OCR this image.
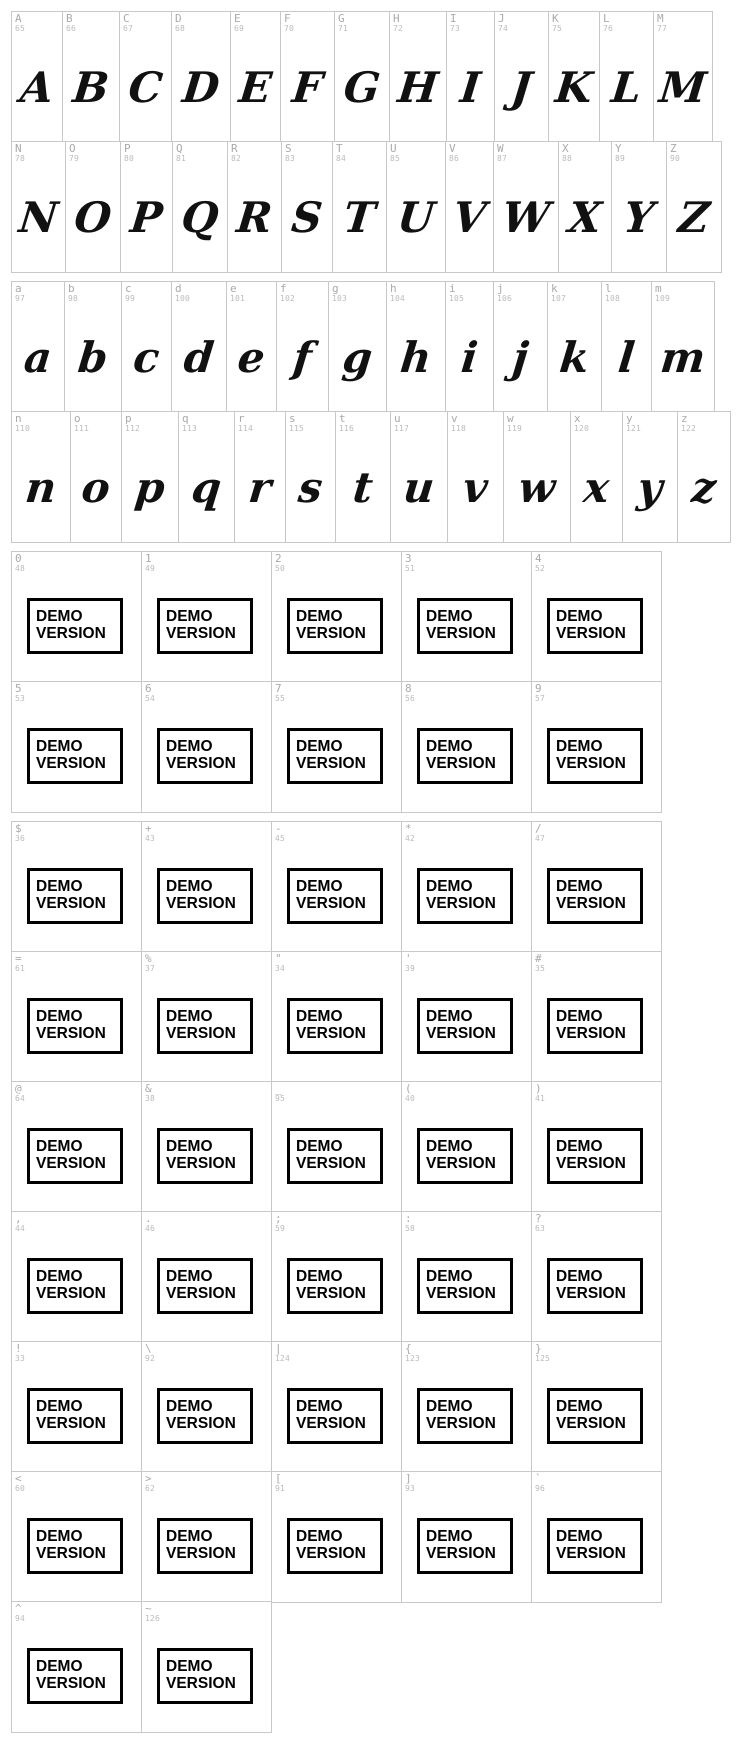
A
65
A
B
66
B
C
67
C
D
68
D
E
69
E
F
70
F
G
71
G
H
72
H
I
73
I
J
74
J
K
75
K
L
76
L
M
77
M
N
78
N
O
79
O
P
80
P
Q
81
Q
R
82
R
S
83
S
T
84
T
U
85
U
V
86
V
W
87
W
X
88
X
Y
89
Y
Z
90
Z
a
97
a
b
98
b
c
99
c
d
100
d
e
101
e
f
102
f
g
103
g
h
104
h
i
105
i
j
106
j
k
107
k
l
108
l
m
109
m
n
110
n
o
111
o
p
112
p
q
113
q
r
114
r
s
115
s
t
116
t
u
117
u
v
118
v
w
119
w
x
120
x
y
121
y
z
122
z
0
48
DEMO
VERSION
1
49
DEMO
VERSION
2
50
DEMO
VERSION
3
51
DEMO
VERSION
4
52
DEMO
VERSION
5
53
DEMO
VERSION
6
54
DEMO
VERSION
7
55
DEMO
VERSION
8
56
DEMO
VERSION
9
57
DEMO
VERSION
$
36
DEMO
VERSION
+
43
DEMO
VERSION
-
45
DEMO
VERSION
*
42
DEMO
VERSION
/
47
DEMO
VERSION
=
61
DEMO
VERSION
%
37
DEMO
VERSION
"
34
DEMO
VERSION
'
39
DEMO
VERSION
#
35
DEMO
VERSION
@
64
DEMO
VERSION
&
38
DEMO
VERSION
_
95
DEMO
VERSION
(
40
DEMO
VERSION
)
41
DEMO
VERSION
,
44
DEMO
VERSION
.
46
DEMO
VERSION
;
59
DEMO
VERSION
:
58
DEMO
VERSION
?
63
DEMO
VERSION
!
33
DEMO
VERSION
\
92
DEMO
VERSION
|
124
DEMO
VERSION
{
123
DEMO
VERSION
}
125
DEMO
VERSION
<
60
DEMO
VERSION
>
62
DEMO
VERSION
[
91
DEMO
VERSION
]
93
DEMO
VERSION
`
96
DEMO
VERSION
^
94
DEMO
VERSION
~
126
DEMO
VERSION
